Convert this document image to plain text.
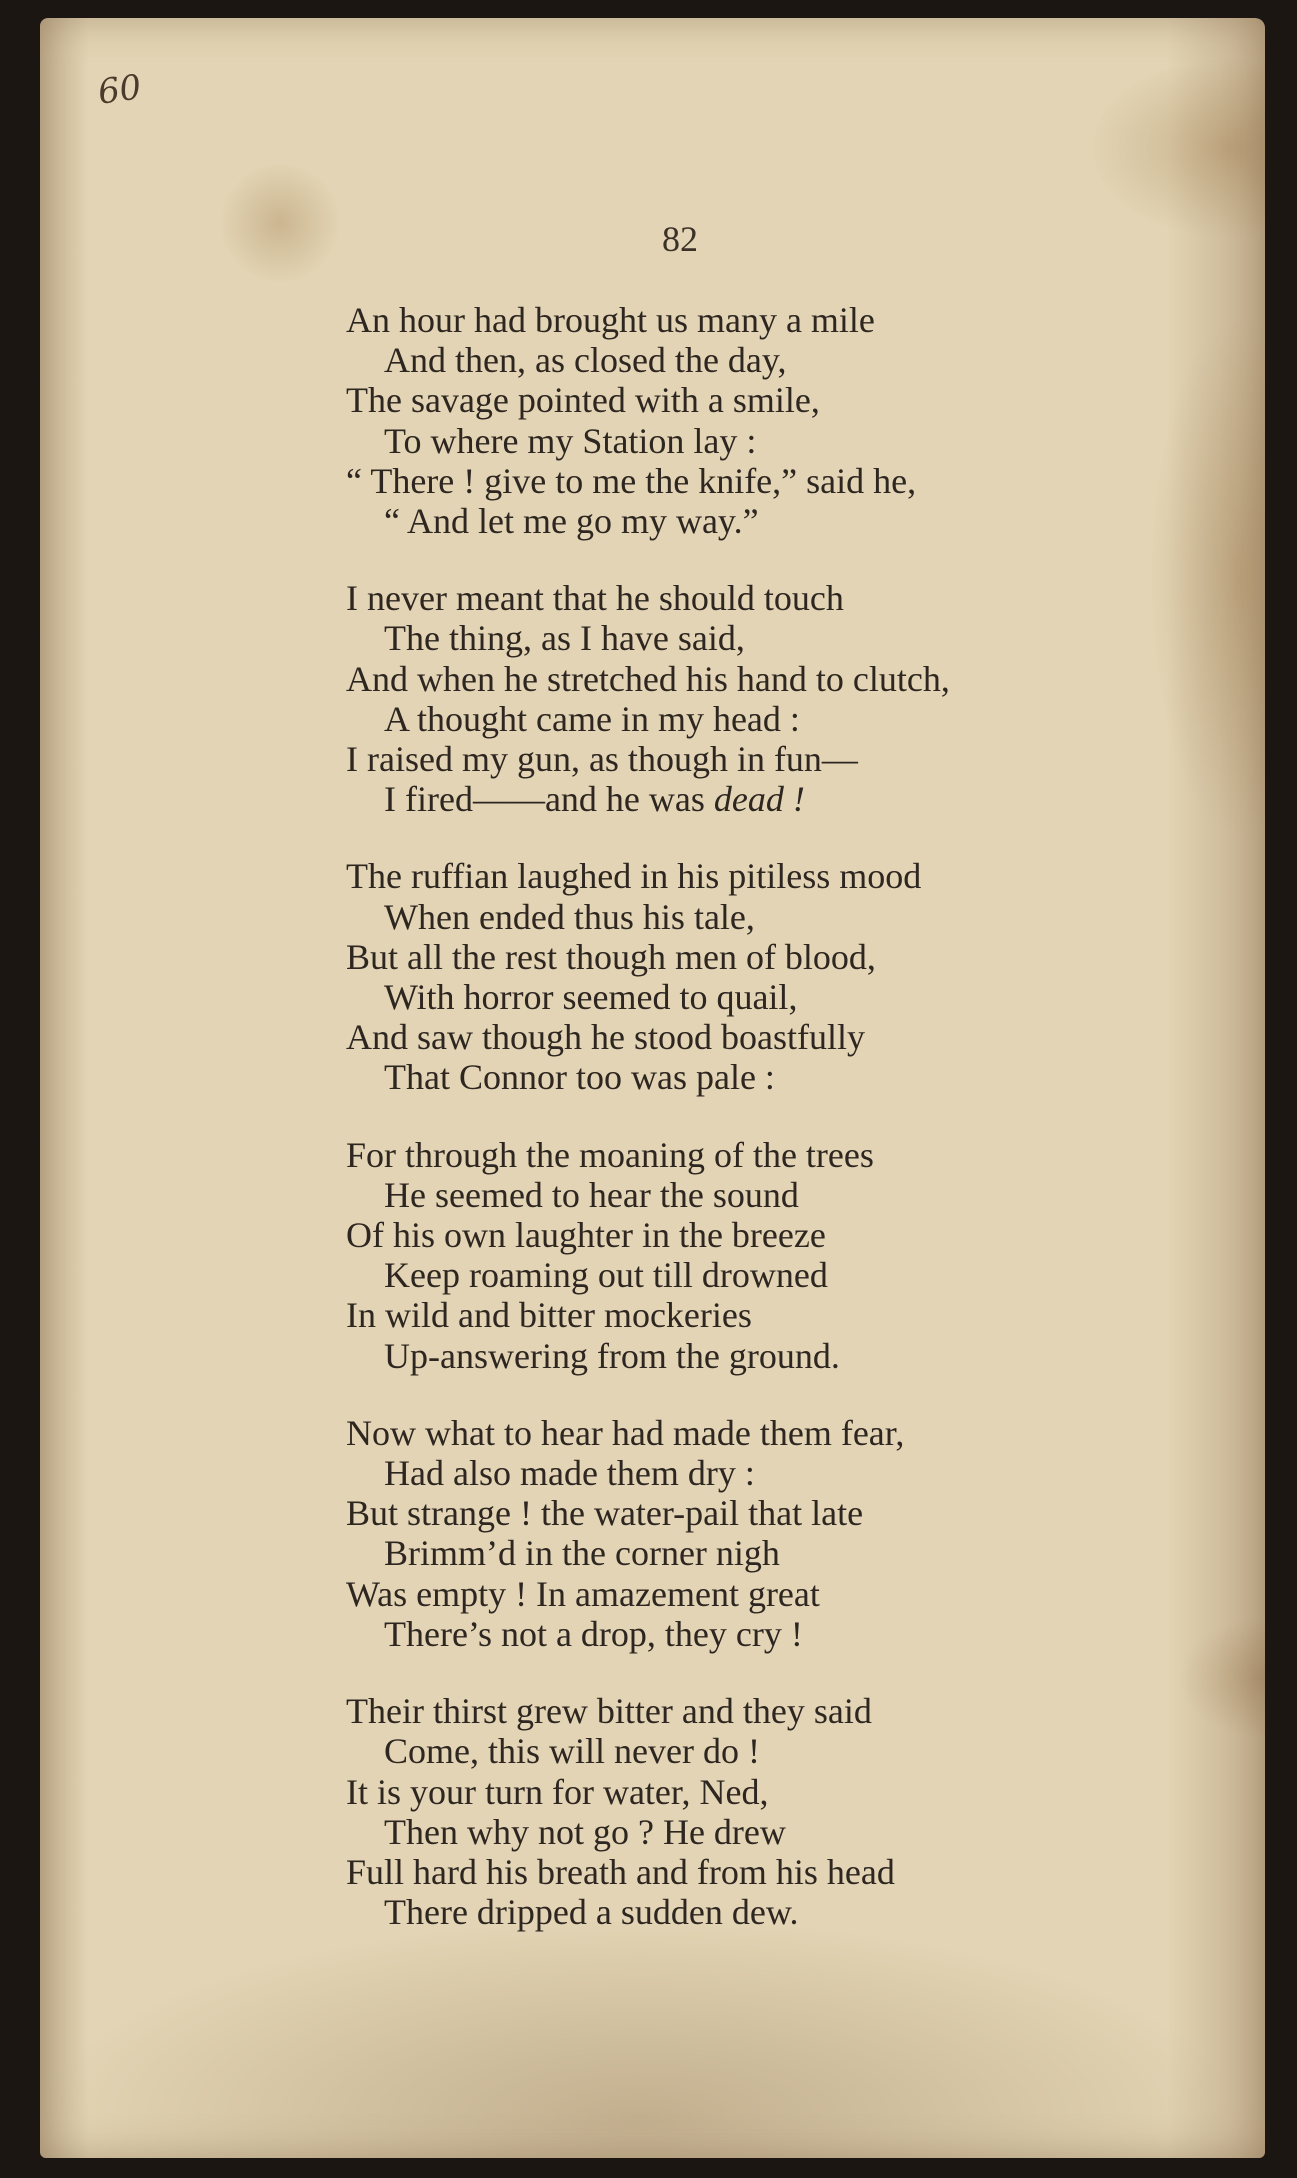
60
82
An hour had brought us many a mile
And then, as closed the day,
The savage pointed with a smile,
To where my Station lay :
“ There ! give to me the knife,” said he,
“ And let me go my way.”
I never meant that he should touch
The thing, as I have said,
And when he stretched his hand to clutch,
A thought came in my head :
I raised my gun, as though in fun—
I fired——and he was dead !
The ruffian laughed in his pitiless mood
When ended thus his tale,
But all the rest though men of blood,
With horror seemed to quail,
And saw though he stood boastfully
That Connor too was pale :
For through the moaning of the trees
He seemed to hear the sound
Of his own laughter in the breeze
Keep roaming out till drowned
In wild and bitter mockeries
Up-answering from the ground.
Now what to hear had made them fear,
Had also made them dry :
But strange ! the water-pail that late
Brimm’d in the corner nigh
Was empty ! In amazement great
There’s not a drop, they cry !
Their thirst grew bitter and they said
Come, this will never do !
It is your turn for water, Ned,
Then why not go ? He drew
Full hard his breath and from his head
There dripped a sudden dew.
